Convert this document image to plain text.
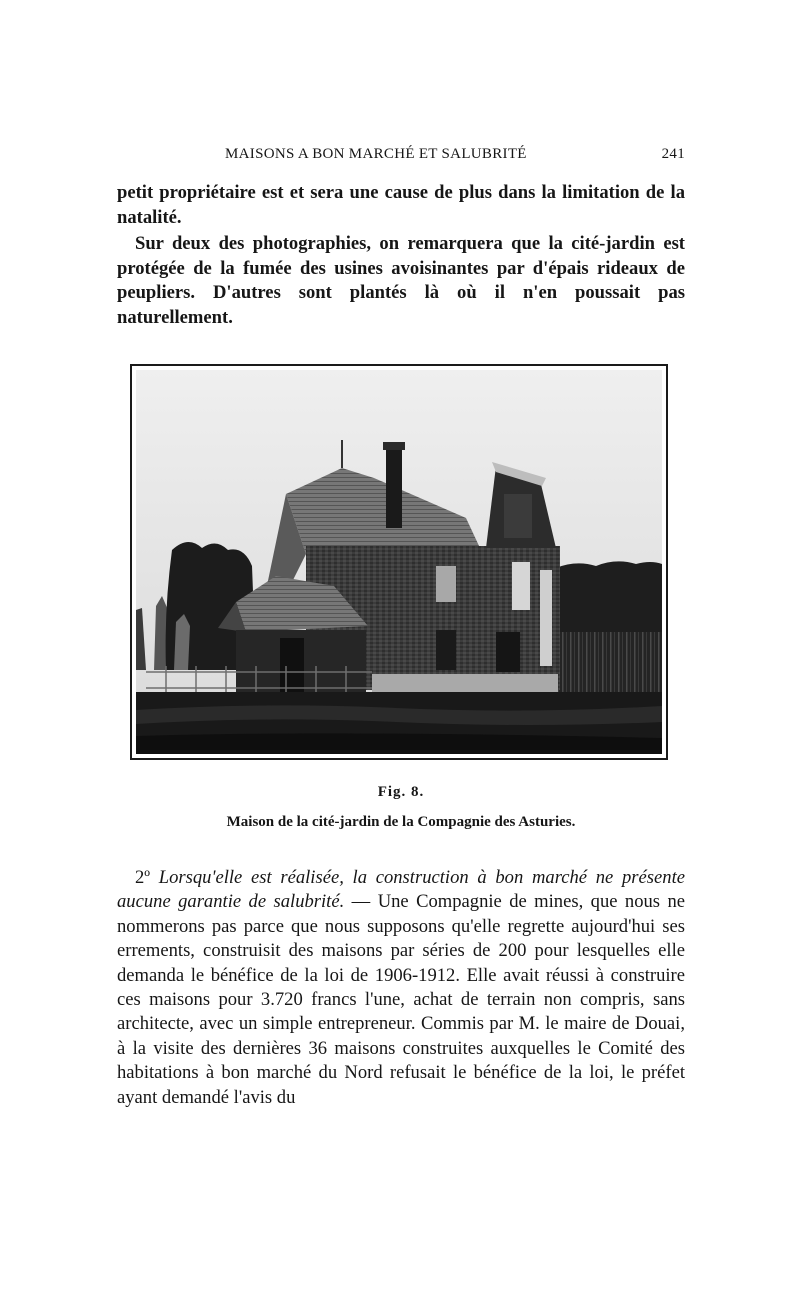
MAISONS A BON MARCHÉ ET SALUBRITÉ	241

petit propriétaire est et sera une cause de plus dans la limitation de la natalité.

Sur deux des photographies, on remarquera que la cité-jardin est protégée de la fumée des usines avoisinantes par d'épais rideaux de peupliers. D'autres sont plantés là où il n'en poussait pas naturellement.

Fig. 8.
Maison de la cité-jardin de la Compagnie des Asturies.

2º Lorsqu'elle est réalisée, la construction à bon marché ne présente aucune garantie de salubrité. — Une Compagnie de mines, que nous ne nommerons pas parce que nous supposons qu'elle regrette aujourd'hui ses errements, construisit des maisons par séries de 200 pour lesquelles elle demanda le bénéfice de la loi de 1906-1912. Elle avait réussi à construire ces maisons pour 3.720 francs l'une, achat de terrain non compris, sans architecte, avec un simple entrepreneur. Commis par M. le maire de Douai, à la visite des dernières 36 maisons construites auxquelles le Comité des habitations à bon marché du Nord refusait le bénéfice de la loi, le préfet ayant demandé l'avis du
